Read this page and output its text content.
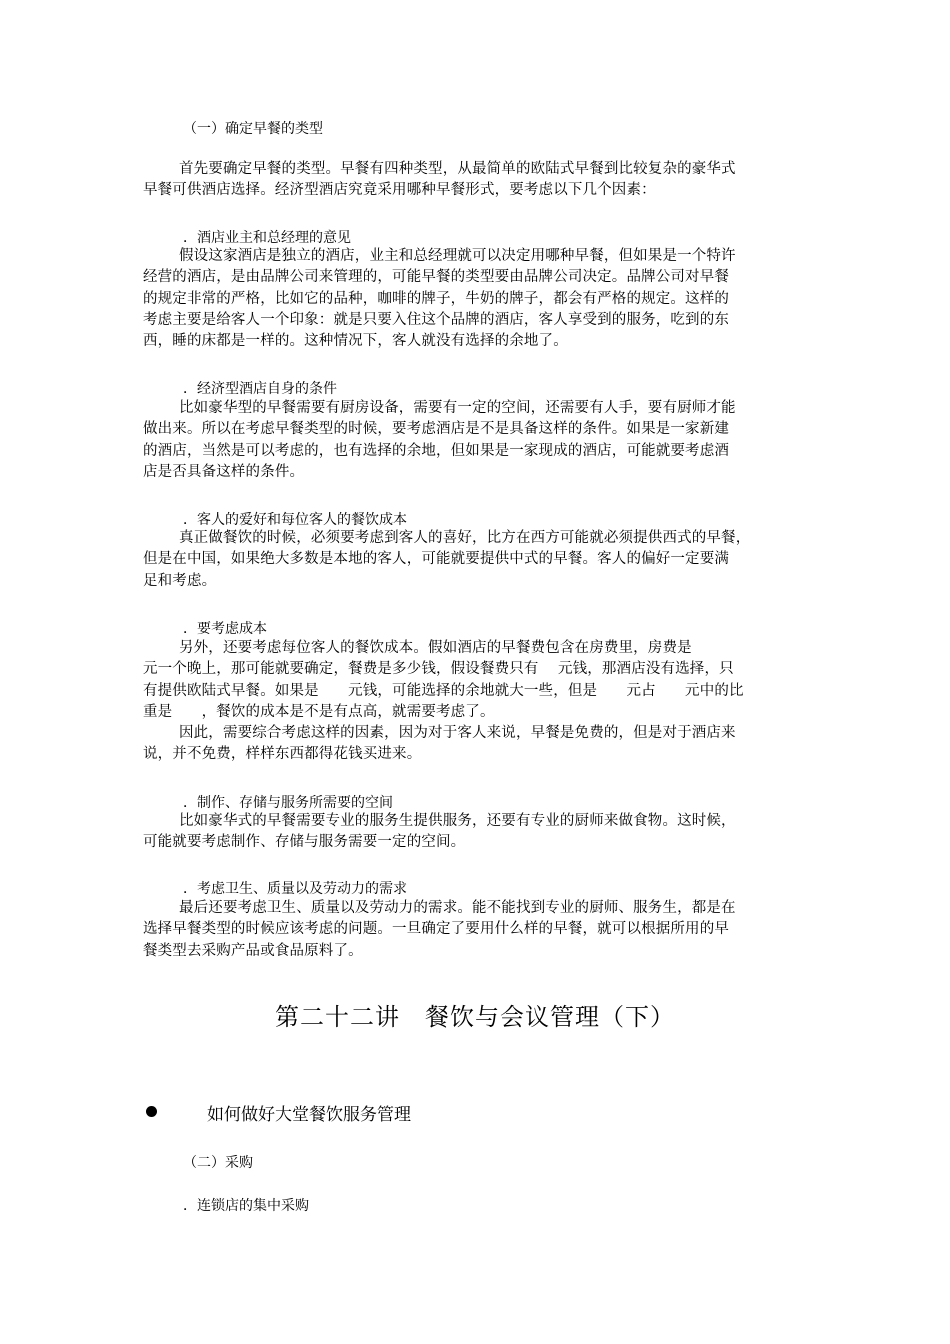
（一）确定早餐的类型
首先要确定早餐的类型。早餐有四种类型，从最简单的欧陆式早餐到比较复杂的豪华式
早餐可供酒店选择。经济型酒店究竟采用哪种早餐形式，要考虑以下几个因素：
．酒店业主和总经理的意见
假设这家酒店是独立的酒店，业主和总经理就可以决定用哪种早餐，但如果是一个特许
经营的酒店，是由品牌公司来管理的，可能早餐的类型要由品牌公司决定。品牌公司对早餐
的规定非常的严格，比如它的品种，咖啡的牌子，牛奶的牌子，都会有严格的规定。这样的
考虑主要是给客人一个印象：就是只要入住这个品牌的酒店，客人享受到的服务，吃到的东
西，睡的床都是一样的。这种情况下，客人就没有选择的余地了。
．经济型酒店自身的条件
比如豪华型的早餐需要有厨房设备，需要有一定的空间，还需要有人手，要有厨师才能
做出来。所以在考虑早餐类型的时候，要考虑酒店是不是具备这样的条件。如果是一家新建
的酒店，当然是可以考虑的，也有选择的余地，但如果是一家现成的酒店，可能就要考虑酒
店是否具备这样的条件。
．客人的爱好和每位客人的餐饮成本
真正做餐饮的时候，必须要考虑到客人的喜好，比方在西方可能就必须提供西式的早餐，
但是在中国，如果绝大多数是本地的客人，可能就要提供中式的早餐。客人的偏好一定要满
足和考虑。
．要考虑成本
另外，还要考虑每位客人的餐饮成本。假如酒店的早餐费包含在房费里，房费是
元一个晚上，那可能就要确定，餐费是多少钱，假设餐费只有　 元钱，那酒店没有选择，只
有提供欧陆式早餐。如果是　　元钱，可能选择的余地就大一些，但是　　元占　　元中的比
重是　　，餐饮的成本是不是有点高，就需要考虑了。
因此，需要综合考虑这样的因素，因为对于客人来说，早餐是免费的，但是对于酒店来
说，并不免费，样样东西都得花钱买进来。
．制作、存储与服务所需要的空间
比如豪华式的早餐需要专业的服务生提供服务，还要有专业的厨师来做食物。这时候，
可能就要考虑制作、存储与服务需要一定的空间。
．考虑卫生、质量以及劳动力的需求
最后还要考虑卫生、质量以及劳动力的需求。能不能找到专业的厨师、服务生，都是在
选择早餐类型的时候应该考虑的问题。一旦确定了要用什么样的早餐，就可以根据所用的早
餐类型去采购产品或食品原料了。
第二十二讲　餐饮与会议管理（下）
如何做好大堂餐饮服务管理
（二）采购
．连锁店的集中采购
